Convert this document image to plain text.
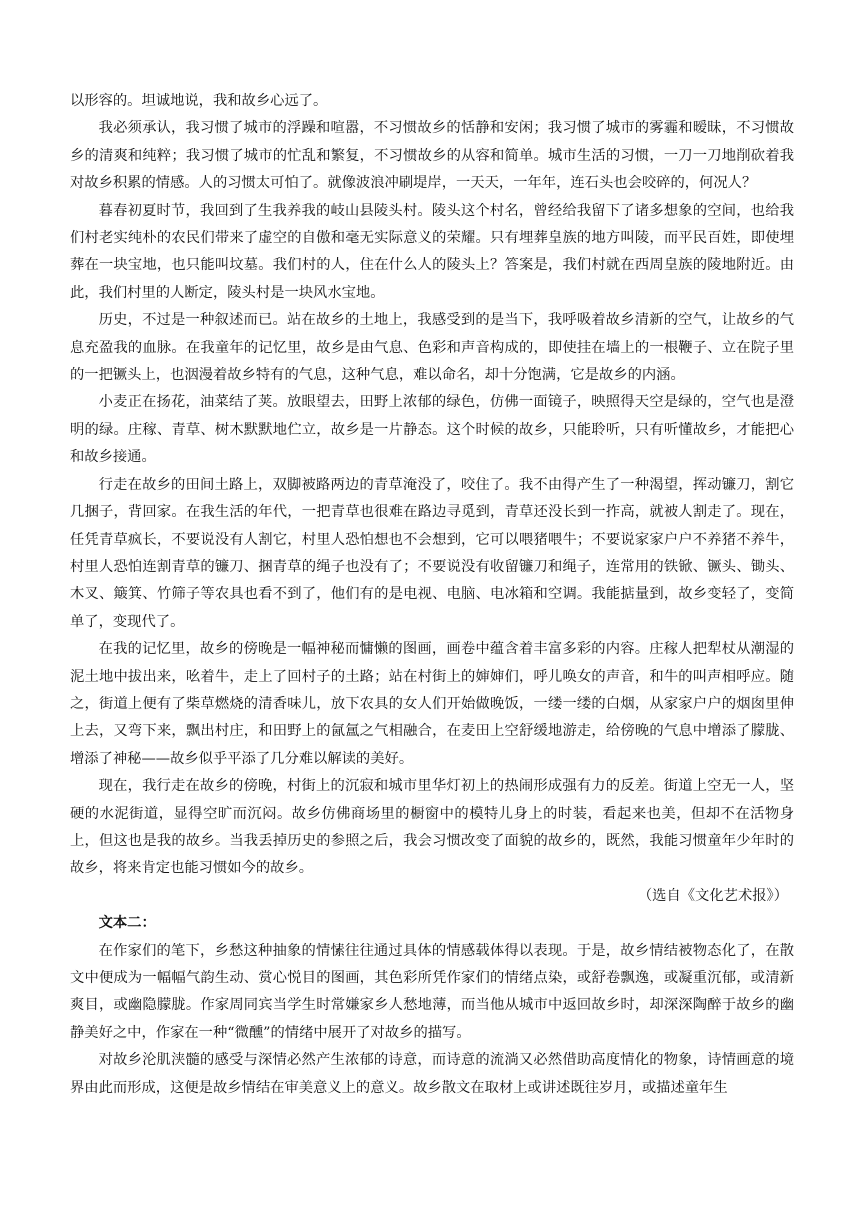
以形容的。坦诚地说，我和故乡心远了。

我必须承认，我习惯了城市的浮躁和喧嚣，不习惯故乡的恬静和安闲；我习惯了城市的雾霾和暧昧，不习惯故乡的清爽和纯粹；我习惯了城市的忙乱和繁复，不习惯故乡的从容和简单。城市生活的习惯，一刀一刀地削砍着我对故乡积累的情感。人的习惯太可怕了。就像波浪冲刷堤岸，一天天，一年年，连石头也会咬碎的，何况人？

暮春初夏时节，我回到了生我养我的岐山县陵头村。陵头这个村名，曾经给我留下了诸多想象的空间，也给我们村老实纯朴的农民们带来了虚空的自傲和毫无实际意义的荣耀。只有埋葬皇族的地方叫陵，而平民百姓，即使埋葬在一块宝地，也只能叫坟墓。我们村的人，住在什么人的陵头上？答案是，我们村就在西周皇族的陵地附近。由此，我们村里的人断定，陵头村是一块风水宝地。

历史，不过是一种叙述而已。站在故乡的土地上，我感受到的是当下，我呼吸着故乡清新的空气，让故乡的气息充盈我的血脉。在我童年的记忆里，故乡是由气息、色彩和声音构成的，即使挂在墙上的一根鞭子、立在院子里的一把镢头上，也洇漫着故乡特有的气息，这种气息，难以命名，却十分饱满，它是故乡的内涵。

小麦正在扬花，油菜结了荚。放眼望去，田野上浓郁的绿色，仿佛一面镜子，映照得天空是绿的，空气也是澄明的绿。庄稼、青草、树木默默地伫立，故乡是一片静态。这个时候的故乡，只能聆听，只有听懂故乡，才能把心和故乡接通。

行走在故乡的田间土路上，双脚被路两边的青草淹没了，咬住了。我不由得产生了一种渴望，挥动镰刀，割它几捆子，背回家。在我生活的年代，一把青草也很难在路边寻觅到，青草还没长到一拃高，就被人割走了。现在，任凭青草疯长，不要说没有人割它，村里人恐怕想也不会想到，它可以喂猪喂牛；不要说家家户户不养猪不养牛，村里人恐怕连割青草的镰刀、捆青草的绳子也没有了；不要说没有收留镰刀和绳子，连常用的铁锨、镢头、锄头、木叉、簸箕、竹筛子等农具也看不到了，他们有的是电视、电脑、电冰箱和空调。我能掂量到，故乡变轻了，变简单了，变现代了。

在我的记忆里，故乡的傍晚是一幅神秘而慵懒的图画，画卷中蕴含着丰富多彩的内容。庄稼人把犁杖从潮湿的泥土地中拔出来，吆着牛，走上了回村子的土路；站在村街上的婶婶们，呼儿唤女的声音，和牛的叫声相呼应。随之，街道上便有了柴草燃烧的清香味儿，放下农具的女人们开始做晚饭，一缕一缕的白烟，从家家户户的烟囱里伸上去，又弯下来，飘出村庄，和田野上的氤氲之气相融合，在麦田上空舒缓地游走，给傍晚的气息中增添了朦胧、增添了神秘——故乡似乎平添了几分难以解读的美好。

现在，我行走在故乡的傍晚，村街上的沉寂和城市里华灯初上的热闹形成强有力的反差。街道上空无一人，坚硬的水泥街道，显得空旷而沉闷。故乡仿佛商场里的橱窗中的模特儿身上的时装，看起来也美，但却不在活物身上，但这也是我的故乡。当我丢掉历史的参照之后，我会习惯改变了面貌的故乡的，既然，我能习惯童年少年时的故乡，将来肯定也能习惯如今的故乡。

（选自《文化艺术报》）

文本二：

在作家们的笔下，乡愁这种抽象的情愫往往通过具体的情感载体得以表现。于是，故乡情结被物态化了，在散文中便成为一幅幅气韵生动、赏心悦目的图画，其色彩所凭作家们的情绪点染，或舒卷飘逸，或凝重沉郁，或清新爽目，或幽隐朦胧。作家周同宾当学生时常嫌家乡人愁地薄，而当他从城市中返回故乡时，却深深陶醉于故乡的幽静美好之中，作家在一种“微醺”的情绪中展开了对故乡的描写。

对故乡沦肌浃髓的感受与深情必然产生浓郁的诗意，而诗意的流淌又必然借助高度情化的物象，诗情画意的境界由此而形成，这便是故乡情结在审美意义上的意义。故乡散文在取材上或讲述既往岁月，或描述童年生
